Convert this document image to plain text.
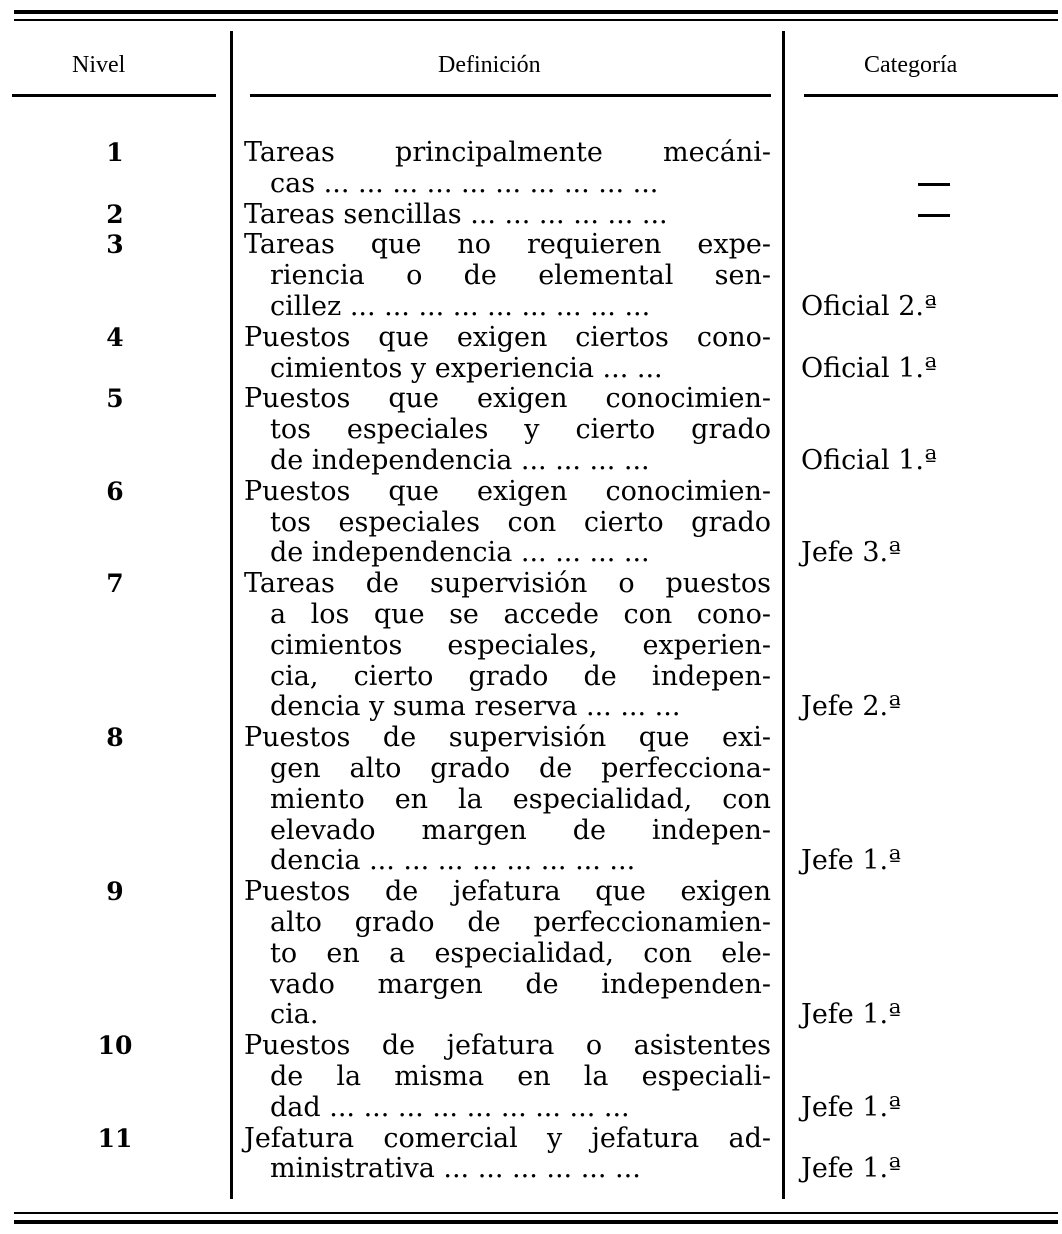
Nivel	Definición	Categoría
1	Tareas principalmente mecáni-
cas ... ... ... ... ... ... ... ... ... ...
2	Tareas sencillas ... ... ... ... ... ...
3	Tareas que no requieren expe-
riencia o de elemental sen-
cillez ... ... ... ... ... ... ... ... ...	Oficial 2.ª
4	Puestos que exigen ciertos cono-
cimientos y experiencia ... ...	Oficial 1.ª
5	Puestos que exigen conocimien-
tos especiales y cierto grado
de independencia ... ... ... ...	Oficial 1.ª
6	Puestos que exigen conocimien-
tos especiales con cierto grado
de independencia ... ... ... ...	Jefe 3.ª
7	Tareas de supervisión o puestos
a los que se accede con cono-
cimientos especiales, experien-
cia, cierto grado de indepen-
dencia y suma reserva ... ... ...	Jefe 2.ª
8	Puestos de supervisión que exi-
gen alto grado de perfecciona-
miento en la especialidad, con
elevado margen de indepen-
dencia ... ... ... ... ... ... ... ...	Jefe 1.ª
9	Puestos de jefatura que exigen
alto grado de perfeccionamien-
to en a especialidad, con ele-
vado margen de independen-
cia.	Jefe 1.ª
10	Puestos de jefatura o asistentes
de la misma en la especiali-
dad ... ... ... ... ... ... ... ... ...	Jefe 1.ª
11	Jefatura comercial y jefatura ad-
ministrativa ... ... ... ... ... ...	Jefe 1.ª
